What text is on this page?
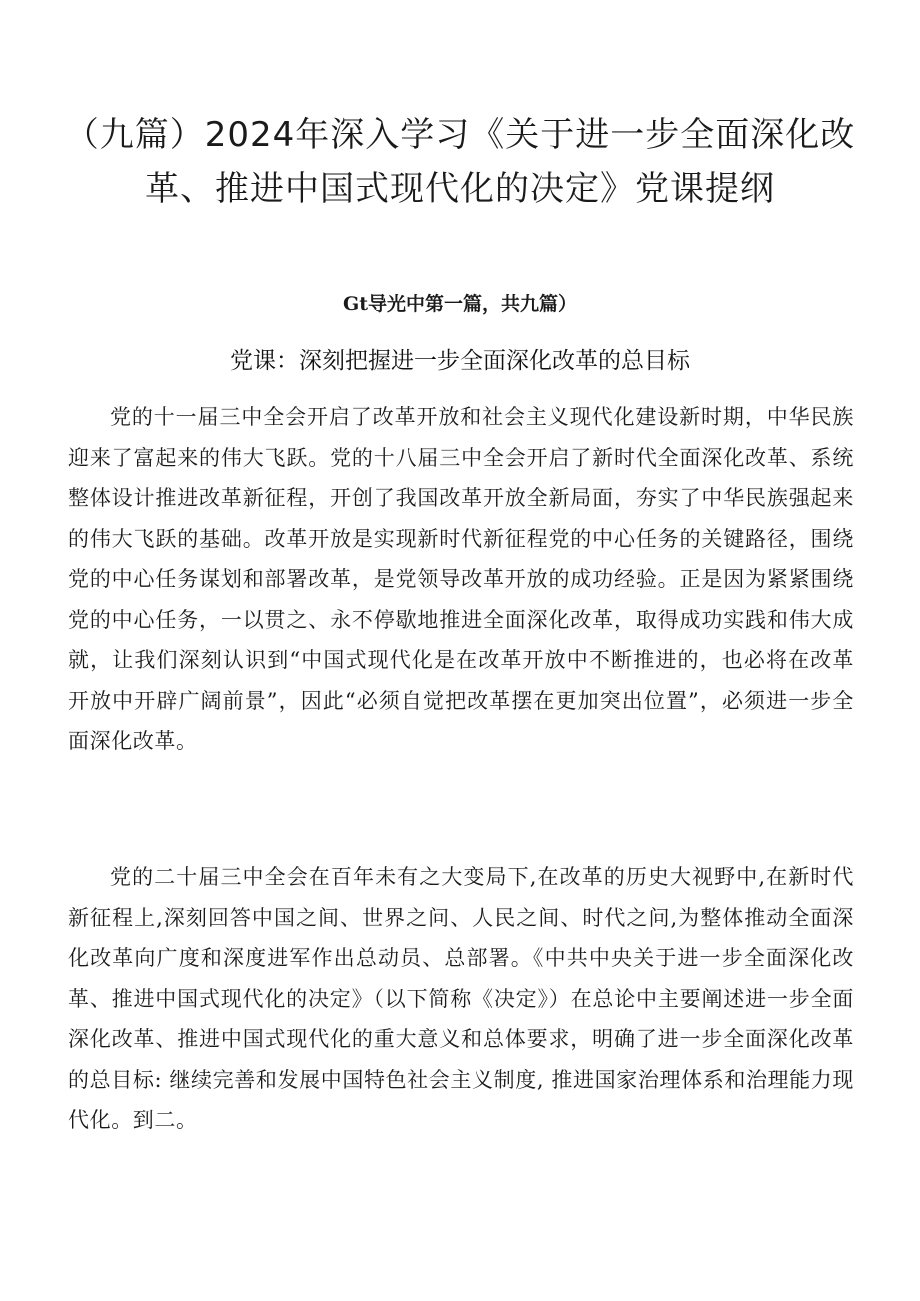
（九篇）2024年深入学习《关于进一步全面深化改革、推进中国式现代化的决定》党课提纲
Gt导光中第一篇，共九篇）
党课：深刻把握进一步全面深化改革的总目标

党的十一届三中全会开启了改革开放和社会主义现代化建设新时期，中华民族迎来了富起来的伟大飞跃。党的十八届三中全会开启了新时代全面深化改革、系统整体设计推进改革新征程，开创了我国改革开放全新局面，夯实了中华民族强起来的伟大飞跃的基础。改革开放是实现新时代新征程党的中心任务的关键路径，围绕党的中心任务谋划和部署改革，是党领导改革开放的成功经验。正是因为紧紧围绕党的中心任务，一以贯之、永不停歇地推进全面深化改革，取得成功实践和伟大成就，让我们深刻认识到“中国式现代化是在改革开放中不断推进的，也必将在改革开放中开辟广阔前景”，因此“必须自觉把改革摆在更加突出位置”，必须进一步全面深化改革。

党的二十届三中全会在百年未有之大变局下,在改革的历史大视野中,在新时代新征程上,深刻回答中国之间、世界之问、人民之间、时代之问,为整体推动全面深化改革向广度和深度进军作出总动员、总部署。《中共中央关于进一步全面深化改革、推进中国式现代化的决定》（以下简称《决定》）在总论中主要阐述进一步全面深化改革、推进中国式现代化的重大意义和总体要求，明确了进一步全面深化改革的总目标: 继续完善和发展中国特色社会主义制度, 推进国家治理体系和治理能力现代化。到二。
